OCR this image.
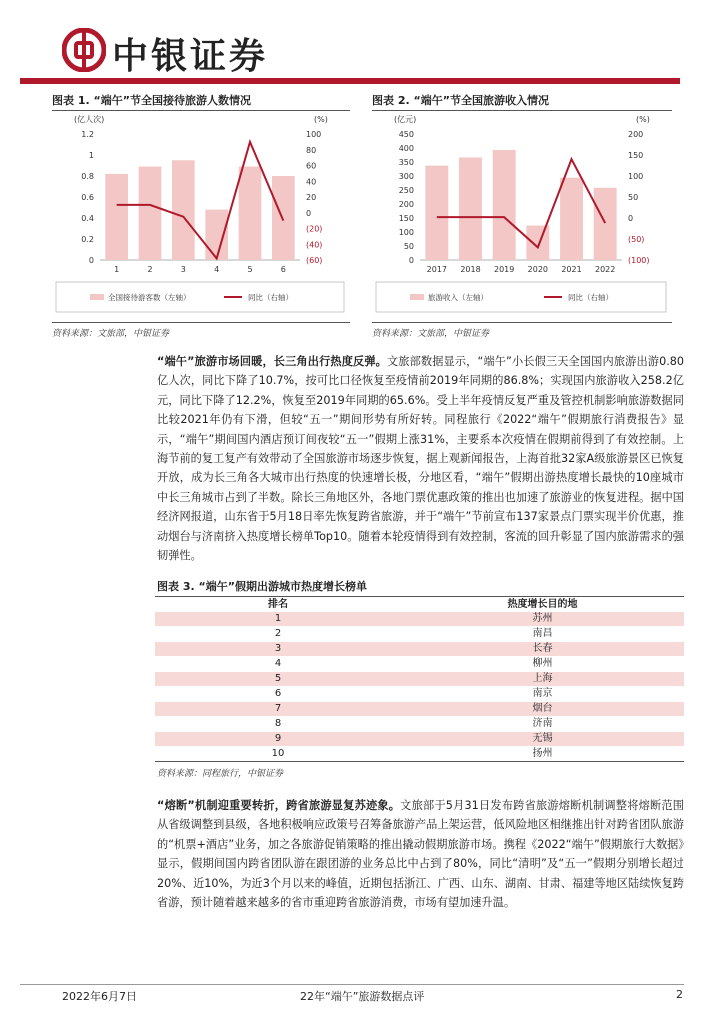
中银证券
图表 1. “端午”节全国接待旅游人数情况
(亿人次)	(%)
0
0.2
0.4
0.6
0.8
1
1.2
(60)
(40)
(20)
0
20
40
60
80
100
1	2	3	4	5	6
全国接待游客数（左轴）	同比（右轴）
资料来源：文旅部，中银证券
图表 2. “端午”节全国旅游收入情况
(亿元)	(%)
0
50
100
150
200
250
300
350
400
450
(100)
(50)
0
50
100
150
200
2017 2018 2019 2020 2021 2022
旅游收入（左轴）	同比（右轴）
资料来源：文旅部，中银证券
“端午”旅游市场回暖，长三角出行热度反弹。文旅部数据显示，“端午”小长假三天全国国内旅游出游0.80亿人次，同比下降了10.7%，按可比口径恢复至疫情前2019年同期的86.8%；实现国内旅游收入258.2亿元，同比下降了12.2%，恢复至2019年同期的65.6%。受上半年疫情反复严重及管控机制影响旅游数据同比较2021年仍有下滑，但较“五一”期间形势有所好转。同程旅行《2022“端午”假期旅行消费报告》显示，“端午”期间国内酒店预订间夜较“五一”假期上涨31%，主要系本次疫情在假期前得到了有效控制。上海节前的复工复产有效带动了全国旅游市场逐步恢复，据上观新闻报告，上海首批32家A级旅游景区已恢复开放，成为长三角各大城市出行热度的快速增长极，分地区看，“端午”假期出游热度增长最快的10座城市中长三角城市占到了半数。除长三角地区外，各地门票优惠政策的推出也加速了旅游业的恢复进程。据中国经济网报道，山东省于5月18日率先恢复跨省旅游，并于“端午”节前宣布137家景点门票实现半价优惠，推动烟台与济南挤入热度增长榜单Top10。随着本轮疫情得到有效控制，客流的回升彰显了国内旅游需求的强韧弹性。
图表 3. “端午”假期出游城市热度增长榜单
排名	热度增长目的地
1	苏州
2	南昌
3	长春
4	柳州
5	上海
6	南京
7	烟台
8	济南
9	无锡
10	扬州
资料来源：同程旅行，中银证券
“熔断”机制迎重要转折，跨省旅游显复苏迹象。文旅部于5月31日发布跨省旅游熔断机制调整将熔断范围从省级调整到县级，各地积极响应政策号召筹备旅游产品上架运营，低风险地区相继推出针对跨省团队旅游的“机票+酒店”业务，加之各旅游促销策略的推出撬动假期旅游市场。携程《2022“端午”假期旅行大数据》显示，假期间国内跨省团队游在跟团游的业务总比中占到了80%，同比“清明”及“五一”假期分别增长超过20%、近10%，为近3个月以来的峰值，近期包括浙江、广西、山东、湖南、甘肃、福建等地区陆续恢复跨省游，预计随着越来越多的省市重迎跨省旅游消费，市场有望加速升温。
2022年6月7日	22年“端午”旅游数据点评	2
